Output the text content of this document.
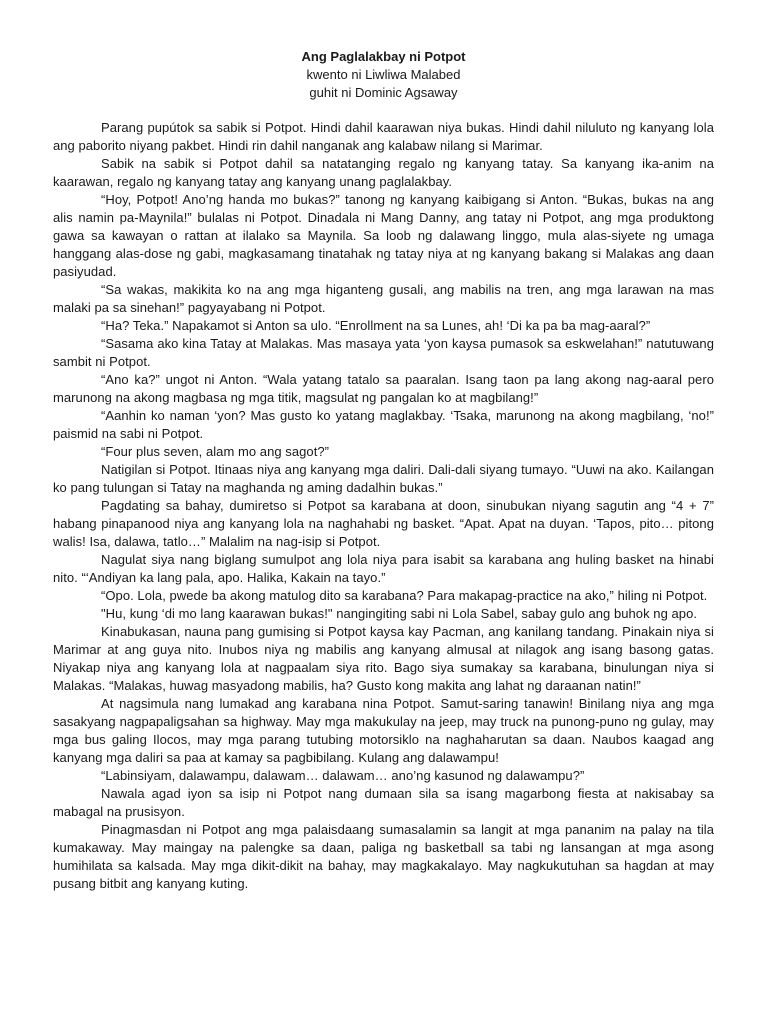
Ang Paglalakbay ni Potpot
kwento ni Liwliwa Malabed
guhit ni Dominic Agsaway

Parang pupútok sa sabik si Potpot. Hindi dahil kaarawan niya bukas. Hindi dahil niluluto ng kanyang lola ang paborito niyang pakbet. Hindi rin dahil nanganak ang kalabaw nilang si Marimar.

Sabik na sabik si Potpot dahil sa natatanging regalo ng kanyang tatay. Sa kanyang ika-anim na kaarawan, regalo ng kanyang tatay ang kanyang unang paglalakbay.

“Hoy, Potpot! Ano’ng handa mo bukas?” tanong ng kanyang kaibigang si Anton. “Bukas, bukas na ang alis namin pa-Maynila!” bulalas ni Potpot. Dinadala ni Mang Danny, ang tatay ni Potpot, ang mga produktong gawa sa kawayan o rattan at ilalako sa Maynila. Sa loob ng dalawang linggo, mula alas-siyete ng umaga hanggang alas-dose ng gabi, magkasamang tinatahak ng tatay niya at ng kanyang bakang si Malakas ang daan pasiyudad.

“Sa wakas, makikita ko na ang mga higanteng gusali, ang mabilis na tren, ang mga larawan na mas malaki pa sa sinehan!” pagyayabang ni Potpot.

“Ha? Teka.” Napakamot si Anton sa ulo. “Enrollment na sa Lunes, ah! ‘Di ka pa ba mag-aaral?”

“Sasama ako kina Tatay at Malakas. Mas masaya yata ‘yon kaysa pumasok sa eskwelahan!” natutuwang sambit ni Potpot.

“Ano ka?” ungot ni Anton. “Wala yatang tatalo sa paaralan. Isang taon pa lang akong nag-aaral pero marunong na akong magbasa ng mga titik, magsulat ng pangalan ko at magbilang!”

“Aanhin ko naman ‘yon? Mas gusto ko yatang maglakbay. ‘Tsaka, marunong na akong magbilang, ‘no!” paismid na sabi ni Potpot.

“Four plus seven, alam mo ang sagot?”

Natigilan si Potpot. Itinaas niya ang kanyang mga daliri. Dali-dali siyang tumayo. “Uuwi na ako. Kailangan ko pang tulungan si Tatay na maghanda ng aming dadalhin bukas.”

Pagdating sa bahay, dumiretso si Potpot sa karabana at doon, sinubukan niyang sagutin ang “4 + 7” habang pinapanood niya ang kanyang lola na naghahabi ng basket. “Apat. Apat na duyan. ‘Tapos, pito… pitong walis! Isa, dalawa, tatlo…” Malalim na nag-isip si Potpot.

Nagulat siya nang biglang sumulpot ang lola niya para isabit sa karabana ang huling basket na hinabi nito. “‘Andiyan ka lang pala, apo. Halika, Kakain na tayo.”

“Opo. Lola, pwede ba akong matulog dito sa karabana? Para makapag-practice na ako,” hiling ni Potpot.

"Hu, kung ‘di mo lang kaarawan bukas!" nangingiting sabi ni Lola Sabel, sabay gulo ang buhok ng apo.

Kinabukasan, nauna pang gumising si Potpot kaysa kay Pacman, ang kanilang tandang. Pinakain niya si Marimar at ang guya nito. Inubos niya ng mabilis ang kanyang almusal at nilagok ang isang basong gatas. Niyakap niya ang kanyang lola at nagpaalam siya rito. Bago siya sumakay sa karabana, binulungan niya si Malakas. “Malakas, huwag masyadong mabilis, ha? Gusto kong makita ang lahat ng daraanan natin!”

At nagsimula nang lumakad ang karabana nina Potpot. Samut-saring tanawin! Binilang niya ang mga sasakyang nagpapaligsahan sa highway. May mga makukulay na jeep, may truck na punong-puno ng gulay, may mga bus galing Ilocos, may mga parang tutubing motorsiklo na naghaharutan sa daan. Naubos kaagad ang kanyang mga daliri sa paa at kamay sa pagbibilang. Kulang ang dalawampu!

“Labinsiyam, dalawampu, dalawam… dalawam… ano’ng kasunod ng dalawampu?”

Nawala agad iyon sa isip ni Potpot nang dumaan sila sa isang magarbong fiesta at nakisabay sa mabagal na prusisyon.

Pinagmasdan ni Potpot ang mga palaisdaang sumasalamin sa langit at mga pananim na palay na tila kumakaway. May maingay na palengke sa daan, paliga ng basketball sa tabi ng lansangan at mga asong humihilata sa kalsada. May mga dikit-dikit na bahay, may magkakalayo. May nagkukutuhan sa hagdan at may pusang bitbit ang kanyang kuting.
